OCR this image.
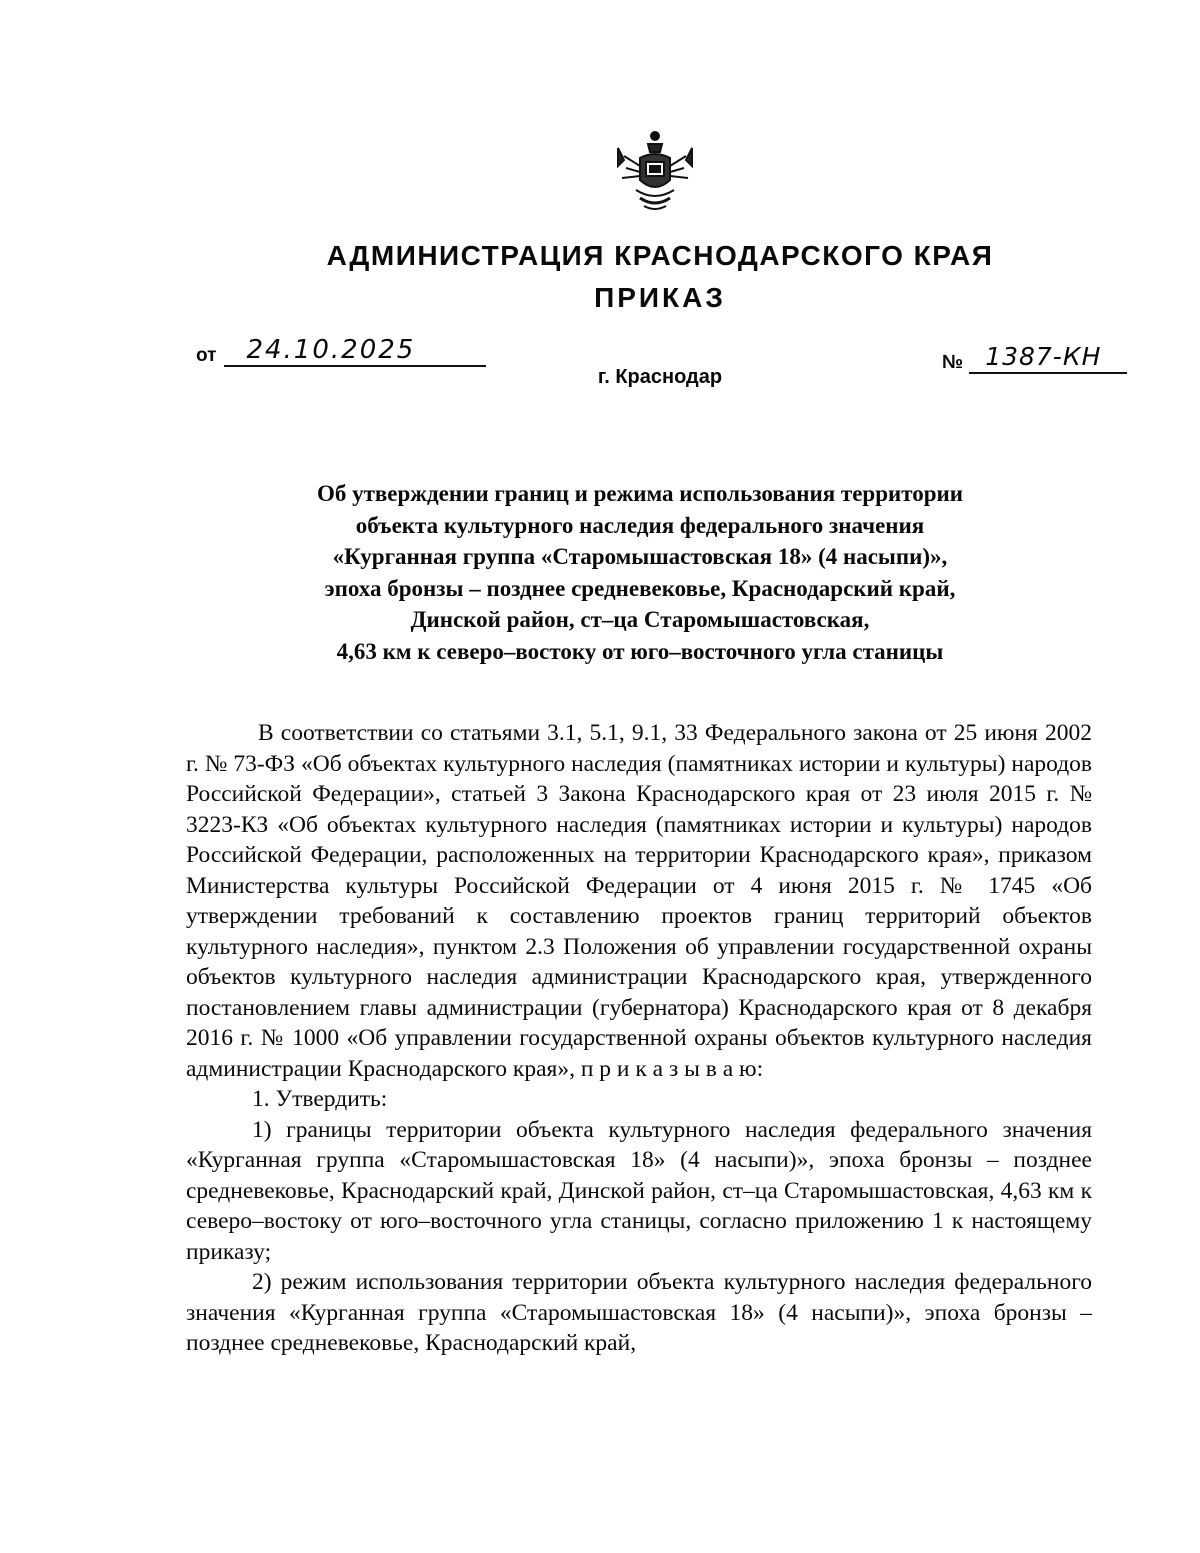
АДМИНИСТРАЦИЯ КРАСНОДАРСКОГО КРАЯ
ПРИКАЗ
от	24.10.2025	№ 1387-КН
г. Краснодар
Об утверждении границ и режима использования территории
объекта культурного наследия федерального значения
«Курганная группа «Старомышастовская 18» (4 насыпи)»,
эпоха бронзы – позднее средневековье, Краснодарский край,
Динской район, ст–ца Старомышастовская,
4,63 км к северо–востоку от юго–восточного угла станицы

В соответствии со статьями 3.1, 5.1, 9.1, 33 Федерального закона от 25 июня 2002 г. № 73-ФЗ «Об объектах культурного наследия (памятниках истории и культуры) народов Российской Федерации», статьей 3 Закона Краснодарского края от 23 июля 2015 г. № 3223-КЗ «Об объектах культурного наследия (памятниках истории и культуры) народов Российской Федерации, расположенных на территории Краснодарского края», приказом Министерства культуры Российской Федерации от 4 июня 2015 г. № 1745 «Об утверждении требований к составлению проектов границ территорий объектов культурного наследия», пунктом 2.3 Положения об управлении государственной охраны объектов культурного наследия администрации Краснодарского края, утвержденного постановлением главы администрации (губернатора) Краснодарского края от 8 декабря 2016 г. № 1000 «Об управлении государственной охраны объектов культурного наследия администрации Краснодарского края», п р и к а з ы в а ю:

1. Утвердить:

1) границы территории объекта культурного наследия федерального значения «Курганная группа «Старомышастовская 18» (4 насыпи)», эпоха бронзы – позднее средневековье, Краснодарский край, Динской район, ст–ца Старомышастовская, 4,63 км к северо–востоку от юго–восточного угла станицы, согласно приложению 1 к настоящему приказу;

2) режим использования территории объекта культурного наследия федерального значения «Курганная группа «Старомышастовская 18» (4 насыпи)», эпоха бронзы – позднее средневековье, Краснодарский край,
